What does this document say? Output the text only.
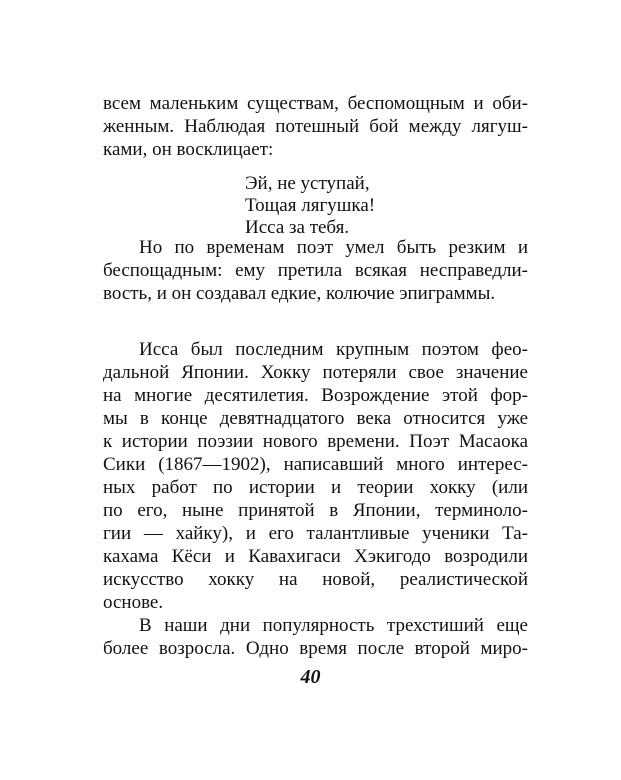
всем маленьким существам, беспомощным и оби-
женным. Наблюдая потешный бой между лягуш-
ками, он восклицает:
Эй, не уступай,
Тощая лягушка!
Исса за тебя.
Но по временам поэт умел быть резким и
беспощадным: ему претила всякая несправедли-
вость, и он создавал едкие, колючие эпиграммы.
Исса был последним крупным поэтом фео-
дальной Японии. Хокку потеряли свое значение
на многие десятилетия. Возрождение этой фор-
мы в конце девятнадцатого века относится уже
к истории поэзии нового времени. Поэт Масаока
Сики (1867—1902), написавший много интерес-
ных работ по истории и теории хокку (или
по его, ныне принятой в Японии, терминоло-
гии — хайку), и его талантливые ученики Та-
кахама Кёси и Кавахигаси Хэкигодо возродили
искусство хокку на новой, реалистической
основе.
В наши дни популярность трехстиший еще
более возросла. Одно время после второй миро-
40
